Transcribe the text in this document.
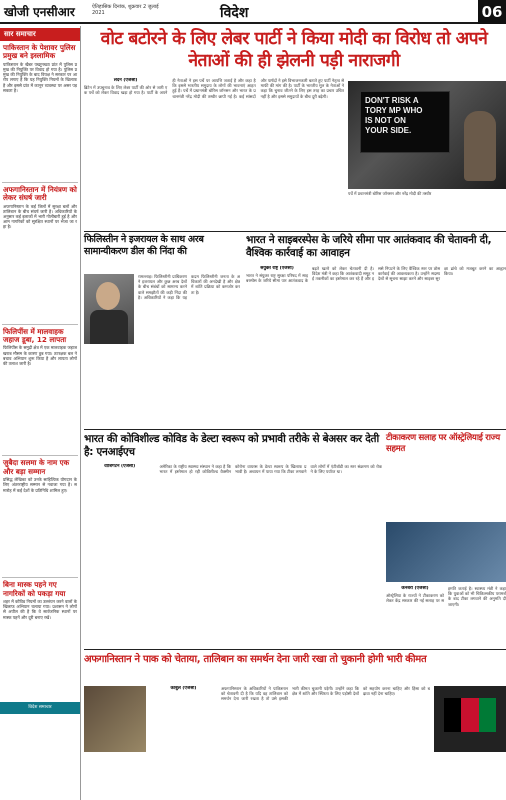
खोजी एनसीआर	ऐतिहासिक दिनांक, शुक्रवार 2 जुलाई 2021	विदेश	06
सार समाचार
पाकिस्तान के पेशावर पुलिस प्रमुख बने इस्लामिक
पाकिस्तान के खैबर पख्तूनख्वा प्रांत में पुलिस प्रमुख की नियुक्ति पर विवाद हो गया है। पुलिस प्रमुख की नियुक्ति के बाद विपक्ष ने सरकार पर आरोप लगाए हैं कि यह नियुक्ति नियमों के खिलाफ है और इससे प्रांत में कानून व्यवस्था पर असर पड़ सकता है।
अफगानिस्तान में नियंत्रण को लेकर संघर्ष जारी
अफगानिस्तान के कई जिलों में सुरक्षा बलों और तालिबान के बीच संघर्ष जारी है। अधिकारियों के अनुसार कई इलाकों में भारी गोलीबारी हुई है और आम नागरिकों को सुरक्षित स्थानों पर भेजा जा रहा है।
फिलिपींस में मालवाहक जहाज डूबा, 12 लापता
फिलिपींस के समुद्री क्षेत्र में एक मालवाहक जहाज खराब मौसम के कारण डूब गया। तटरक्षक बल ने बचाव अभियान शुरू किया है और लापता लोगों की तलाश जारी है।
जुबैदा सलमा के नाम एक और बड़ा सम्मान
प्रसिद्ध लेखिका को उनके साहित्यिक योगदान के लिए अंतरराष्ट्रीय सम्मान से नवाजा गया है। समारोह में कई देशों के प्रतिनिधि शामिल हुए।
बिना मास्क पहने गए नागरिकों को पकड़ा गया
शहर में कोविड नियमों का उल्लंघन करने वालों के खिलाफ अभियान चलाया गया। प्रशासन ने लोगों से अपील की है कि वे सार्वजनिक स्थानों पर मास्क पहनें और दूरी बनाए रखें।
विदेश समाचार
वोट बटोरने के लिए लेबर पार्टी ने किया मोदी का विरोध तो अपने नेताओं की ही झेलनी पड़ी नाराजगी
लंदन (एजेंसी)
ब्रिटेन में उपचुनाव के लिए लेबर पार्टी की ओर से जारी एक पर्चे को लेकर विवाद खड़ा हो गया है। पार्टी के अपने ही नेताओं ने इस पर्चे पर आपत्ति जताई है और कहा है कि इससे भारतीय समुदाय के लोगों की भावनाएं आहत हुई हैं। पर्चे में प्रधानमंत्री बोरिस जॉनसन और भारत के प्रधानमंत्री नरेंद्र मोदी की तस्वीर छापी गई है। कई सांसदों और पार्षदों ने इसे विभाजनकारी बताते हुए पार्टी नेतृत्व से माफी की मांग की है। पार्टी के भारतीय मूल के नेताओं ने कहा कि चुनाव जीतने के लिए इस तरह का प्रचार उचित नहीं है और इससे समुदायों के बीच दूरी बढ़ेगी।	DON'T RISK A
TORY MP WHO
IS NOT ON
YOUR SIDE.
पर्चे में प्रधानमंत्री बोरिस जॉनसन और नरेंद्र मोदी की तस्वीर
फिलिस्तीन ने इजरायल के साथ अरब सामान्यीकरण डील की निंदा की
रामल्लाह। फिलिस्तीनी प्राधिकरण ने इजरायल और कुछ अरब देशों के बीच संबंधों को सामान्य करने वाले समझौतों की कड़ी निंदा की है। अधिकारियों ने कहा कि यह कदम फिलिस्तीनी जनता के अधिकारों की अनदेखी है और क्षेत्र में शांति प्रक्रिया को कमजोर करता है।
भारत ने साइबरस्पेस के जरिये सीमा पार आतंकवाद की चेतावनी दी, वैश्विक कार्रवाई का आवाहन
संयुक्त राष्ट्र (एजेंसी)
भारत ने संयुक्त राष्ट्र सुरक्षा परिषद में साइबरस्पेस के जरिये सीमा पार आतंकवाद के बढ़ते खतरे को लेकर चेतावनी दी है। विदेश मंत्री ने कहा कि आतंकवादी समूह नई तकनीकों का इस्तेमाल कर रहे हैं और इससे निपटने के लिए वैश्विक स्तर पर ठोस कार्रवाई की आवश्यकता है। उन्होंने सदस्य देशों से सूचना साझा करने और साइबर सुरक्षा ढांचे को मजबूत करने का आह्वान किया।
भारत की कोविशील्ड कोविड के डेल्टा स्वरूप को प्रभावी तरीके से बेअसर कर देती है: एनआईएच
वाशिंगटन (एजेंसी)	अमेरिका के राष्ट्रीय स्वास्थ्य संस्थान ने कहा है कि भारत में इस्तेमाल हो रही कोविशील्ड वैक्सीन कोरोना वायरस के डेल्टा स्वरूप के खिलाफ प्रभावी है। अध्ययन में पाया गया कि टीका लगवाने वाले लोगों में एंटीबॉडी का स्तर संक्रमण को रोकने के लिए पर्याप्त था।
टीकाकरण सलाह पर ऑस्ट्रेलियाई राज्य सहमत
कैनबरा (एजेंसी)
ऑस्ट्रेलिया के राज्यों ने टीकाकरण को लेकर केंद्र सरकार की नई सलाह पर सहमति जताई है। स्वास्थ्य मंत्री ने कहा कि युवाओं को भी चिकित्सकीय परामर्श के बाद टीका लगवाने की अनुमति दी जाएगी।
अफगानिस्तान ने पाक को चेताया, तालिबान का समर्थन देना जारी रखा तो चुकानी होगी भारी कीमत
काबुल (एजेंसी)	अफगानिस्तान के अधिकारियों ने पाकिस्तान को चेतावनी दी है कि यदि वह तालिबान को समर्थन देना जारी रखता है तो उसे इसकी भारी कीमत चुकानी पड़ेगी। उन्होंने कहा कि क्षेत्र में शांति और स्थिरता के लिए पड़ोसी देशों को सहयोग करना चाहिए और हिंसा को बढ़ावा नहीं देना चाहिए।
